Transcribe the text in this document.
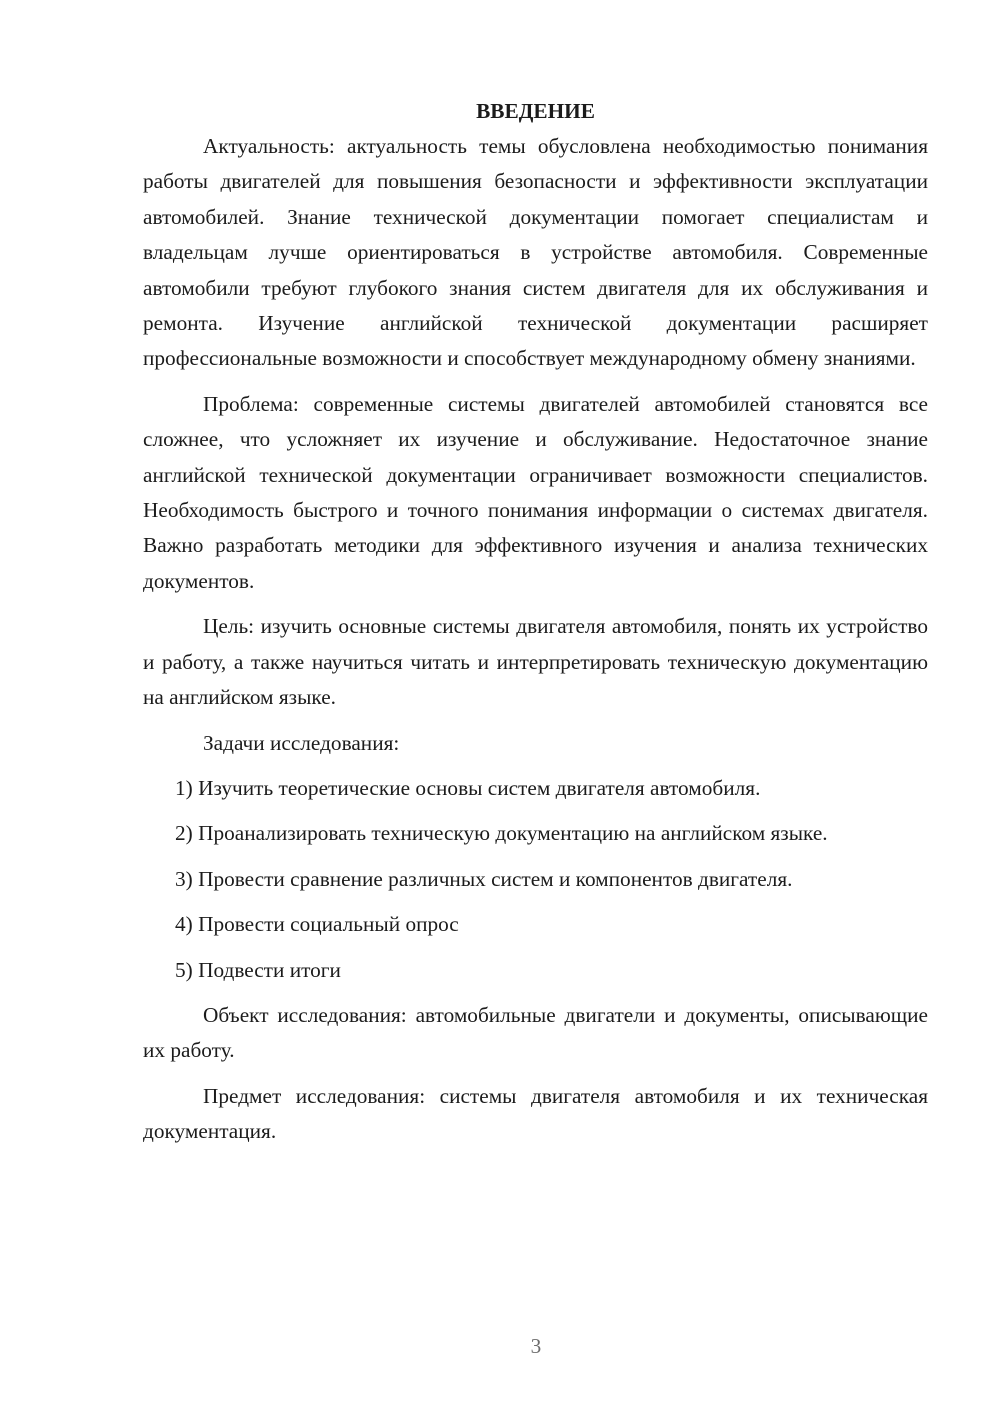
ВВЕДЕНИЕ

Актуальность: актуальность темы обусловлена необходимостью понимания работы двигателей для повышения безопасности и эффективности эксплуатации автомобилей. Знание технической документации помогает специалистам и владельцам лучше ориентироваться в устройстве автомобиля. Современные автомобили требуют глубокого знания систем двигателя для их обслуживания и ремонта. Изучение английской технической документации расширяет профессиональные возможности и способствует международному обмену знаниями.

Проблема: современные системы двигателей автомобилей становятся все сложнее, что усложняет их изучение и обслуживание. Недостаточное знание английской технической документации ограничивает возможности специалистов. Необходимость быстрого и точного понимания информации о системах двигателя. Важно разработать методики для эффективного изучения и анализа технических документов.

Цель: изучить основные системы двигателя автомобиля, понять их устройство и работу, а также научиться читать и интерпретировать техническую документацию на английском языке.

Задачи исследования:

1) Изучить теоретические основы систем двигателя автомобиля.

2) Проанализировать техническую документацию на английском языке.

3) Провести сравнение различных систем и компонентов двигателя.

4) Провести социальный опрос

5) Подвести итоги

Объект исследования: автомобильные двигатели и документы, описывающие их работу.

Предмет исследования: системы двигателя автомобиля и их техническая документация.

3
